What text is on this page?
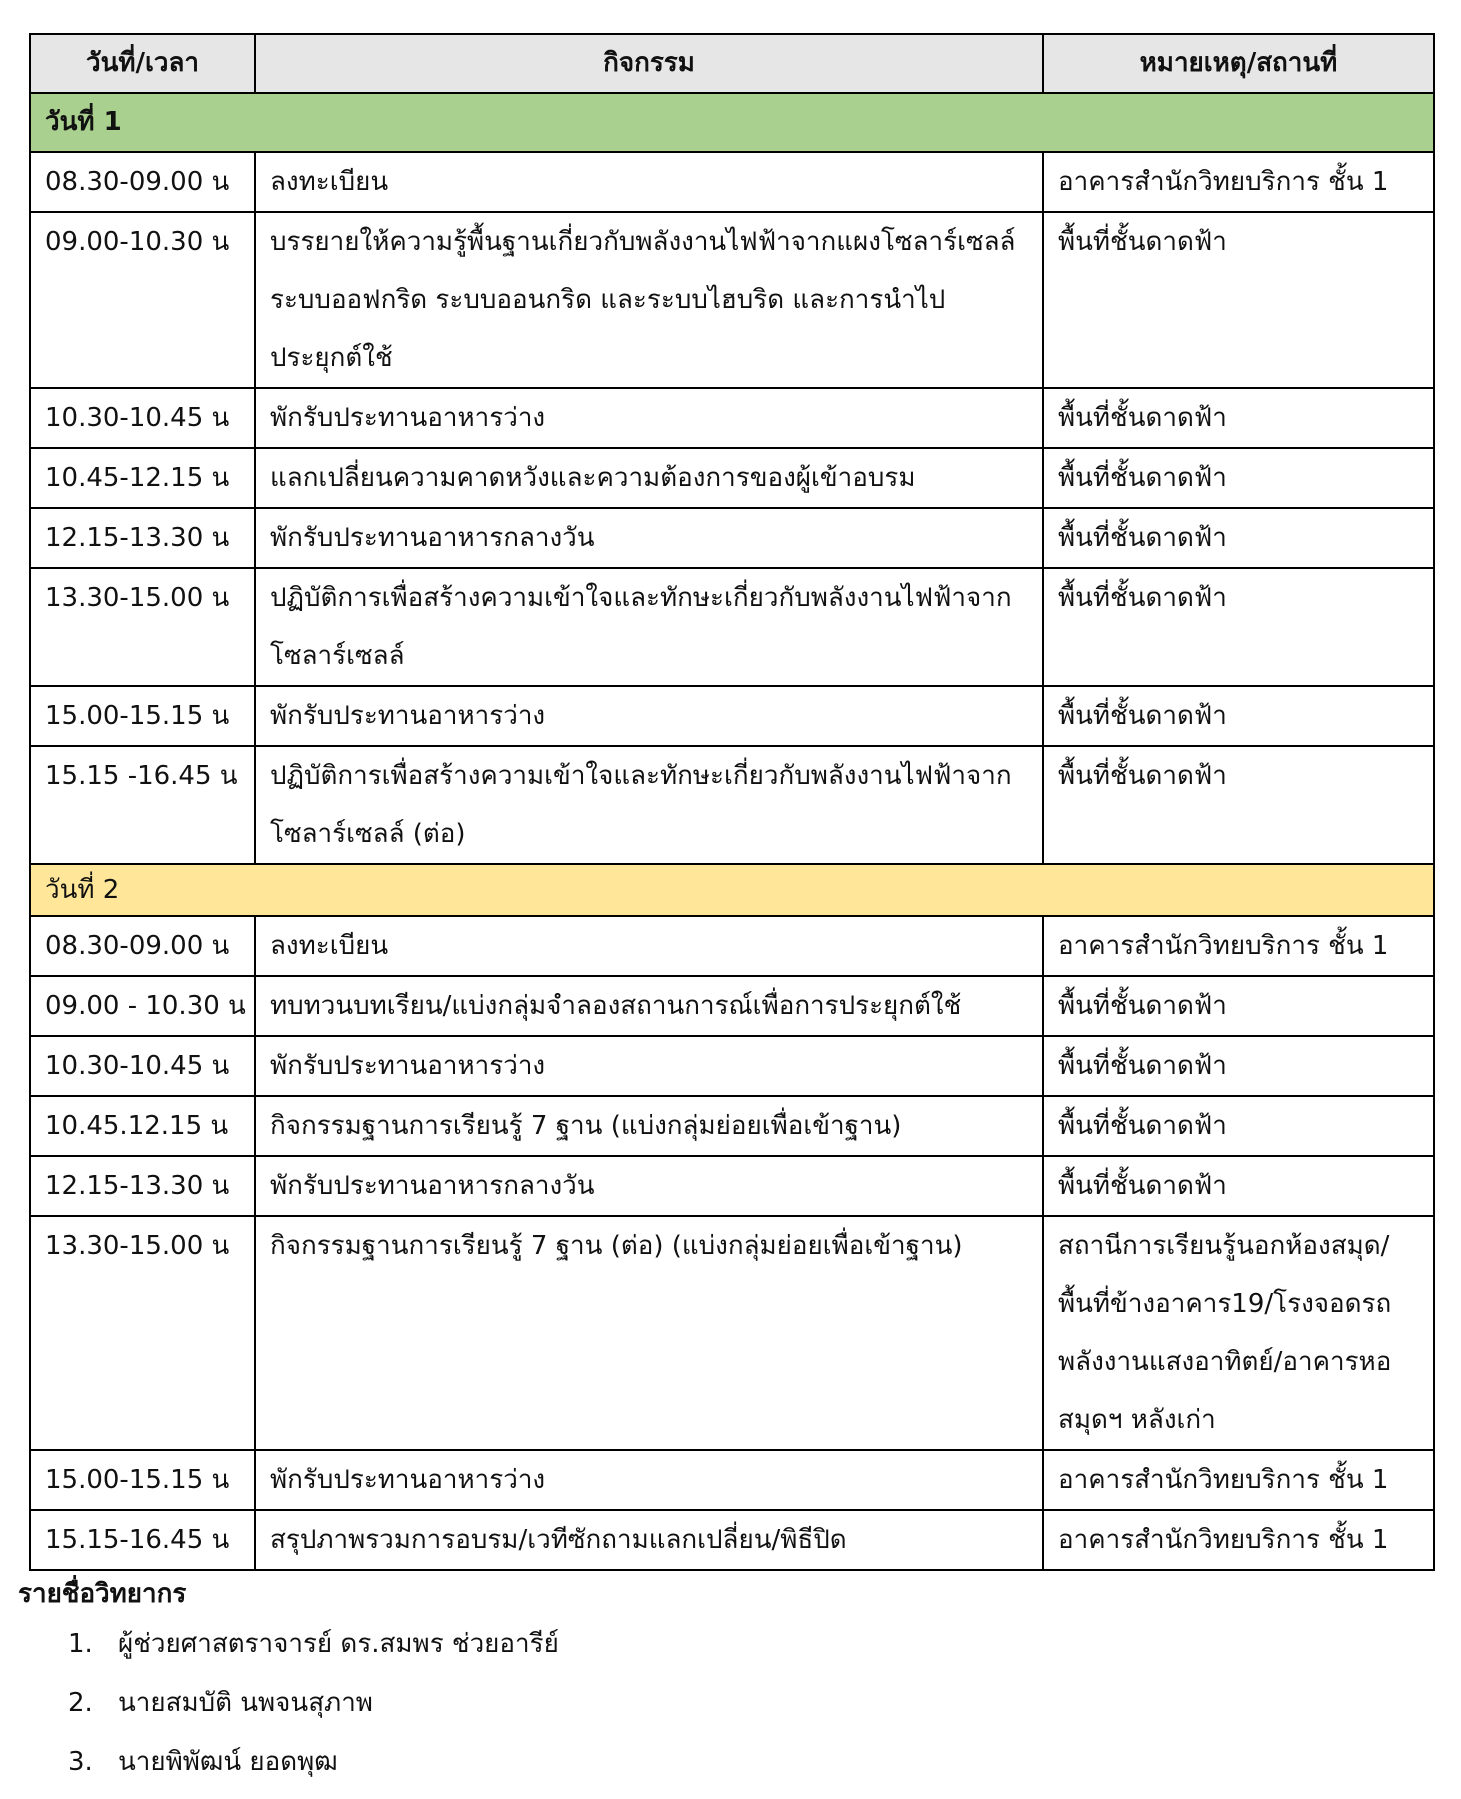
วันที่/เวลา	กิจกรรม	หมายเหตุ/สถานที่
วันที่ 1		
08.30-09.00 น	ลงทะเบียน	อาคารสำนักวิทยบริการ ชั้น 1
09.00-10.30 น	บรรยายให้ความรู้พื้นฐานเกี่ยวกับพลังงานไฟฟ้าจากแผงโซลาร์เซลล์ ระบบออฟกริด ระบบออนกริด และระบบไฮบริด และการนำไปประยุกต์ใช้	พื้นที่ชั้นดาดฟ้า
10.30-10.45 น	พักรับประทานอาหารว่าง	พื้นที่ชั้นดาดฟ้า
10.45-12.15 น	แลกเปลี่ยนความคาดหวังและความต้องการของผู้เข้าอบรม	พื้นที่ชั้นดาดฟ้า
12.15-13.30 น	พักรับประทานอาหารกลางวัน	พื้นที่ชั้นดาดฟ้า
13.30-15.00 น	ปฏิบัติการเพื่อสร้างความเข้าใจและทักษะเกี่ยวกับพลังงานไฟฟ้าจากโซลาร์เซลล์	พื้นที่ชั้นดาดฟ้า
15.00-15.15 น	พักรับประทานอาหารว่าง	พื้นที่ชั้นดาดฟ้า
15.15 -16.45 น	ปฏิบัติการเพื่อสร้างความเข้าใจและทักษะเกี่ยวกับพลังงานไฟฟ้าจากโซลาร์เซลล์ (ต่อ)	พื้นที่ชั้นดาดฟ้า
วันที่ 2		
08.30-09.00 น	ลงทะเบียน	อาคารสำนักวิทยบริการ ชั้น 1
09.00 - 10.30 น	ทบทวนบทเรียน/แบ่งกลุ่มจำลองสถานการณ์เพื่อการประยุกต์ใช้	พื้นที่ชั้นดาดฟ้า
10.30-10.45 น	พักรับประทานอาหารว่าง	พื้นที่ชั้นดาดฟ้า
10.45.12.15 น	กิจกรรมฐานการเรียนรู้ 7 ฐาน (แบ่งกลุ่มย่อยเพื่อเข้าฐาน)	พื้นที่ชั้นดาดฟ้า
12.15-13.30 น	พักรับประทานอาหารกลางวัน	พื้นที่ชั้นดาดฟ้า
13.30-15.00 น	กิจกรรมฐานการเรียนรู้ 7 ฐาน (ต่อ) (แบ่งกลุ่มย่อยเพื่อเข้าฐาน)	สถานีการเรียนรู้นอกห้องสมุด/พื้นที่ข้างอาคาร19/โรงจอดรถพลังงานแสงอาทิตย์/อาคารหอสมุดฯ หลังเก่า
15.00-15.15 น	พักรับประทานอาหารว่าง	อาคารสำนักวิทยบริการ ชั้น 1
15.15-16.45 น	สรุปภาพรวมการอบรม/เวทีซักถามแลกเปลี่ยน/พิธีปิด	อาคารสำนักวิทยบริการ ชั้น 1
รายชื่อวิทยากร
1. ผู้ช่วยศาสตราจารย์ ดร.สมพร ช่วยอารีย์
2. นายสมบัติ นพจนสุภาพ
3. นายพิพัฒน์ ยอดพุฒ
